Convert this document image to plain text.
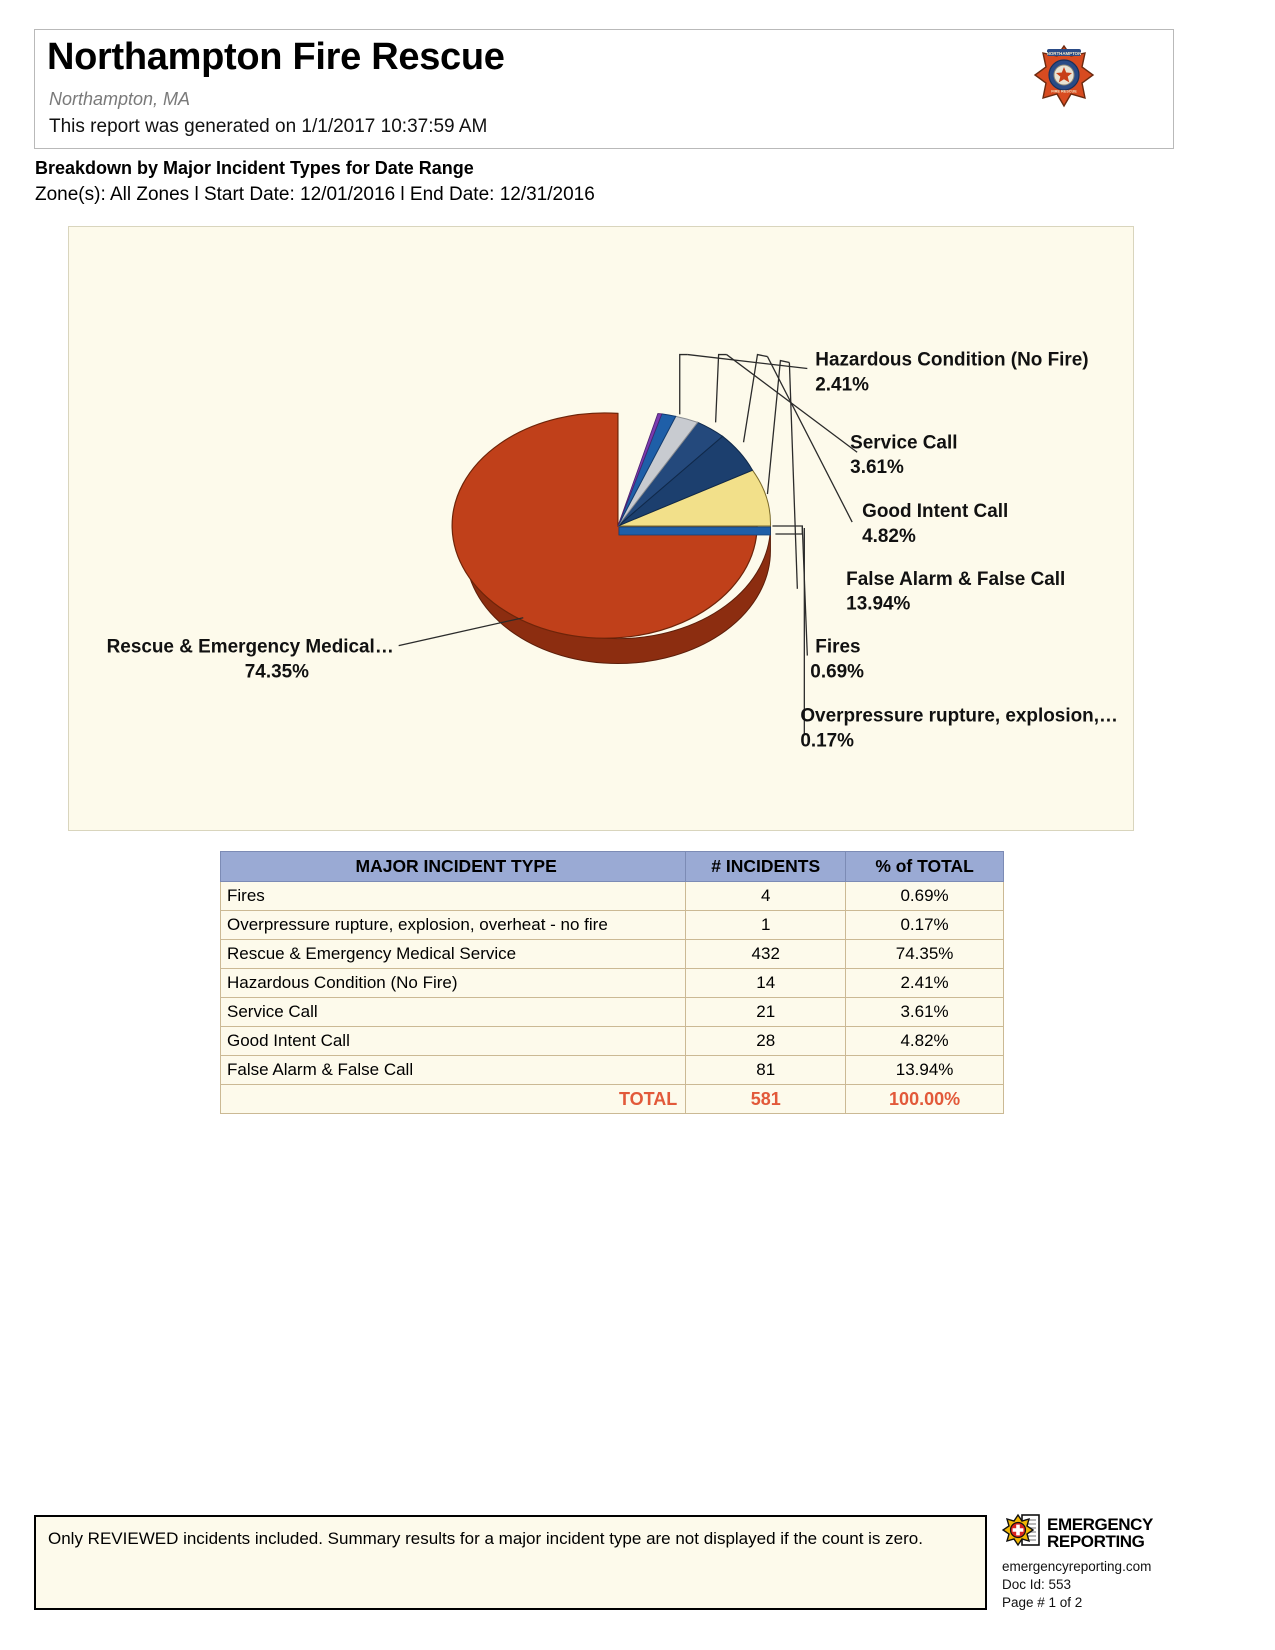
Northampton Fire Rescue
Northampton, MA
This report was generated on 1/1/2017 10:37:59 AM
NORTHAMPTON
FIRE RESCUE
Breakdown by Major Incident Types for Date Range
Zone(s): All Zones l Start Date: 12/01/2016 l End Date: 12/31/2016
Hazardous Condition (No Fire)
2.41%
Service Call
3.61%
Good Intent Call
4.82%
False Alarm & False Call
13.94%
Fires
0.69%
Overpressure rupture, explosion,…
0.17%
Rescue & Emergency Medical…
74.35%
MAJOR INCIDENT TYPE	# INCIDENTS	% of TOTAL
Fires	4	0.69%
Overpressure rupture, explosion, overheat - no fire	1	0.17%
Rescue & Emergency Medical Service	432	74.35%
Hazardous Condition (No Fire)	14	2.41%
Service Call	21	3.61%
Good Intent Call	28	4.82%
False Alarm & False Call	81	13.94%
TOTAL	581	100.00%
Only REVIEWED incidents included. Summary results for a major incident type are not displayed if the count is zero.
EMERGENCY
REPORTING
emergencyreporting.com
Doc Id: 553
Page # 1 of 2
